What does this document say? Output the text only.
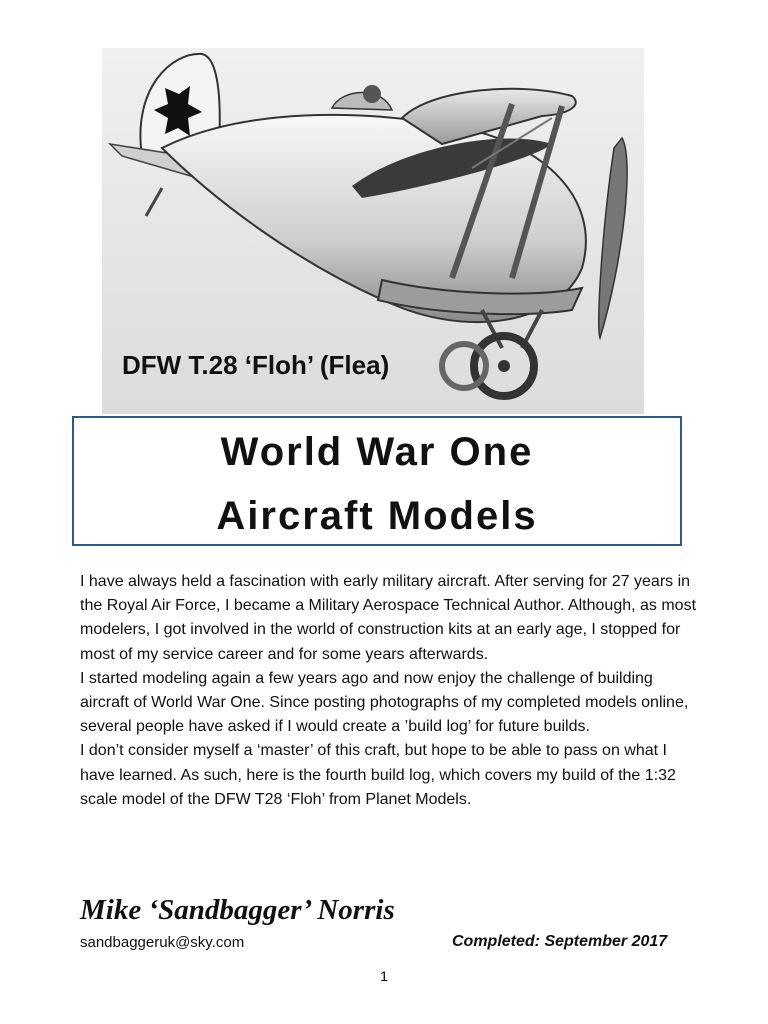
DFW T.28 ‘Floh’ (Flea)
World War One
Aircraft Models

I have always held a fascination with early military aircraft. After serving for 27 years in the Royal Air Force, I became a Military Aerospace Technical Author. Although, as most modelers, I got involved in the world of construction kits at an early age, I stopped for most of my service career and for some years afterwards.

I started modeling again a few years ago and now enjoy the challenge of building aircraft of World War One. Since posting photographs of my completed models online, several people have asked if I would create a ’build log’ for future builds.

I don’t consider myself a ‘master’ of this craft, but hope to be able to pass on what I have learned. As such, here is the fourth build log, which covers my build of the 1:32 scale model of the DFW T28 ‘Floh’ from Planet Models.

Mike ‘Sandbagger’ Norris
sandbaggeruk@sky.com	Completed: September 2017
1
